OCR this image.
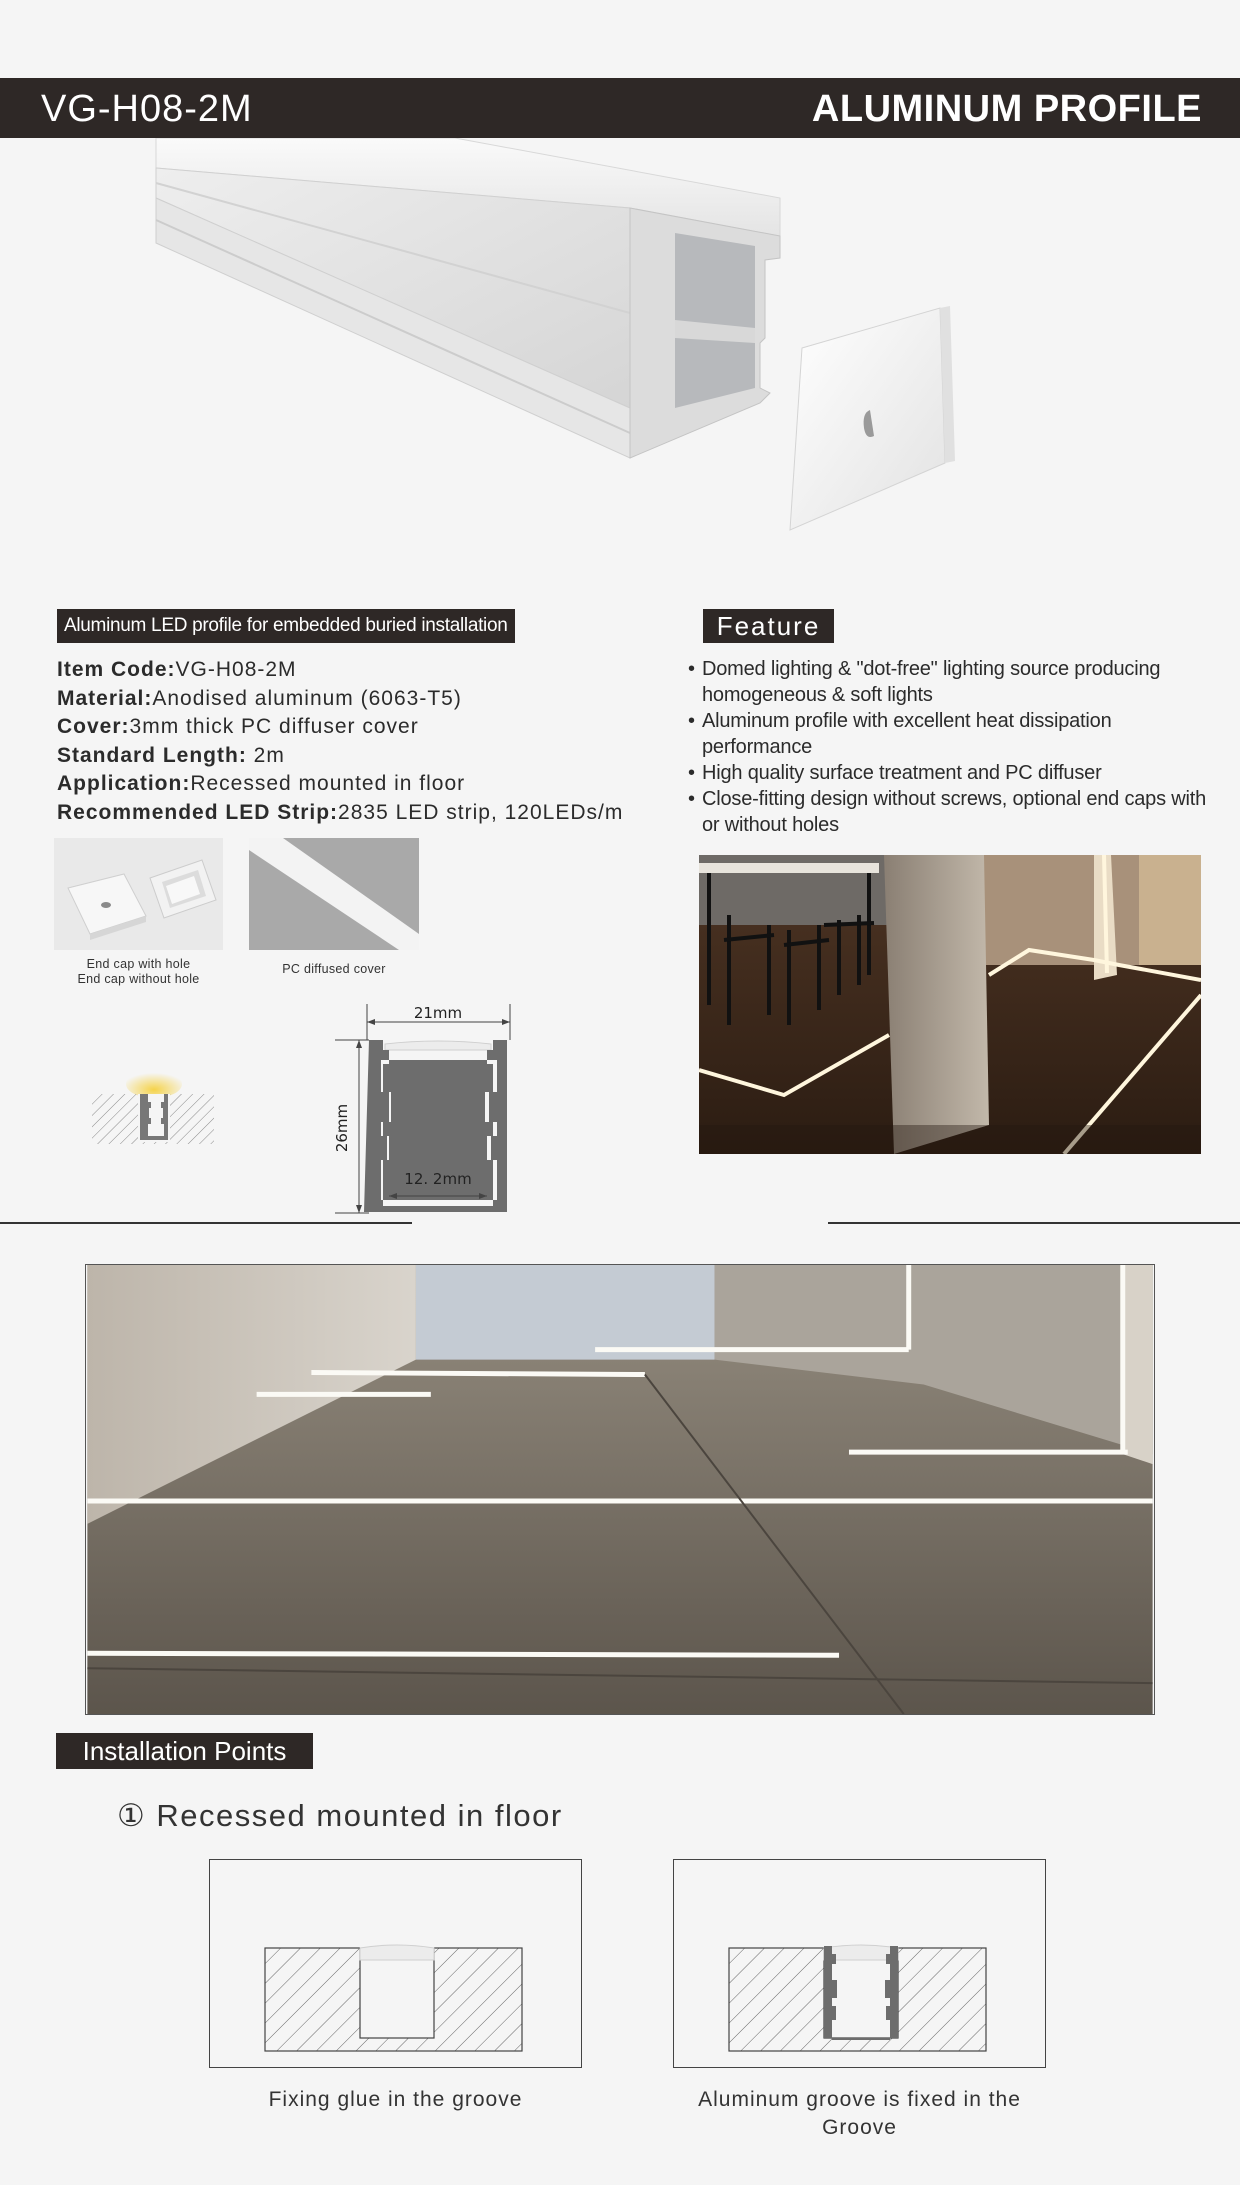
VG-H08-2M	ALUMINUM PROFILE
Aluminum LED profile for embedded buried installation
Item Code:VG-H08-2M
Material:Anodised aluminum (6063-T5)
Cover:3mm thick PC diffuser cover
Standard Length: 2m
Application:Recessed mounted in floor
Recommended LED Strip:2835 LED strip, 120LEDs/m
Feature
• Domed lighting & "dot-free" lighting source producing homogeneous & soft lights
• Aluminum profile with excellent heat dissipation performance
• High quality surface treatment and PC diffuser
• Close-fitting design without screws, optional end caps with or without holes
End cap with hole
End cap without hole
PC diffused cover
21mm
26mm
12. 2mm
Installation Points
① Recessed mounted in floor
Fixing glue in the groove	Aluminum groove is fixed in the Groove
